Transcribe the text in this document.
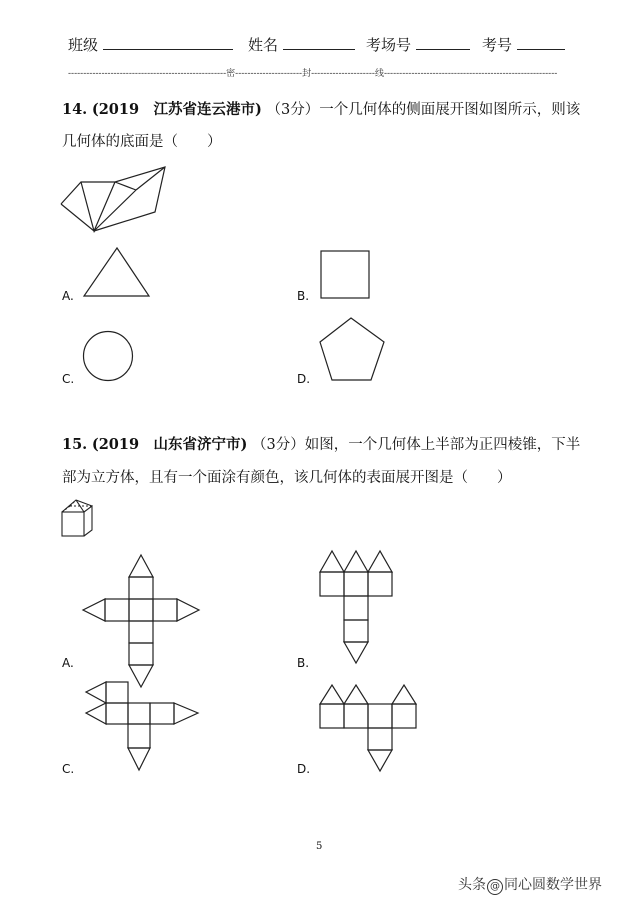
班级	姓名	考场号	考号
----------------------------------------------------密----------------------封---------------------线---------------------------------------------------------
14. (2019　江苏省连云港市) （3分）一个几何体的侧面展开图如图所示，则该
几何体的底面是（　　）
A.	B.
C.	D.
15. (2019　山东省济宁市) （3分）如图，一个几何体上半部为正四棱锥，下半
部为立方体，且有一个面涂有颜色，该几何体的表面展开图是（　　）
A.	B.
C.	D.
5
头条 @ 同心圆数学世界
